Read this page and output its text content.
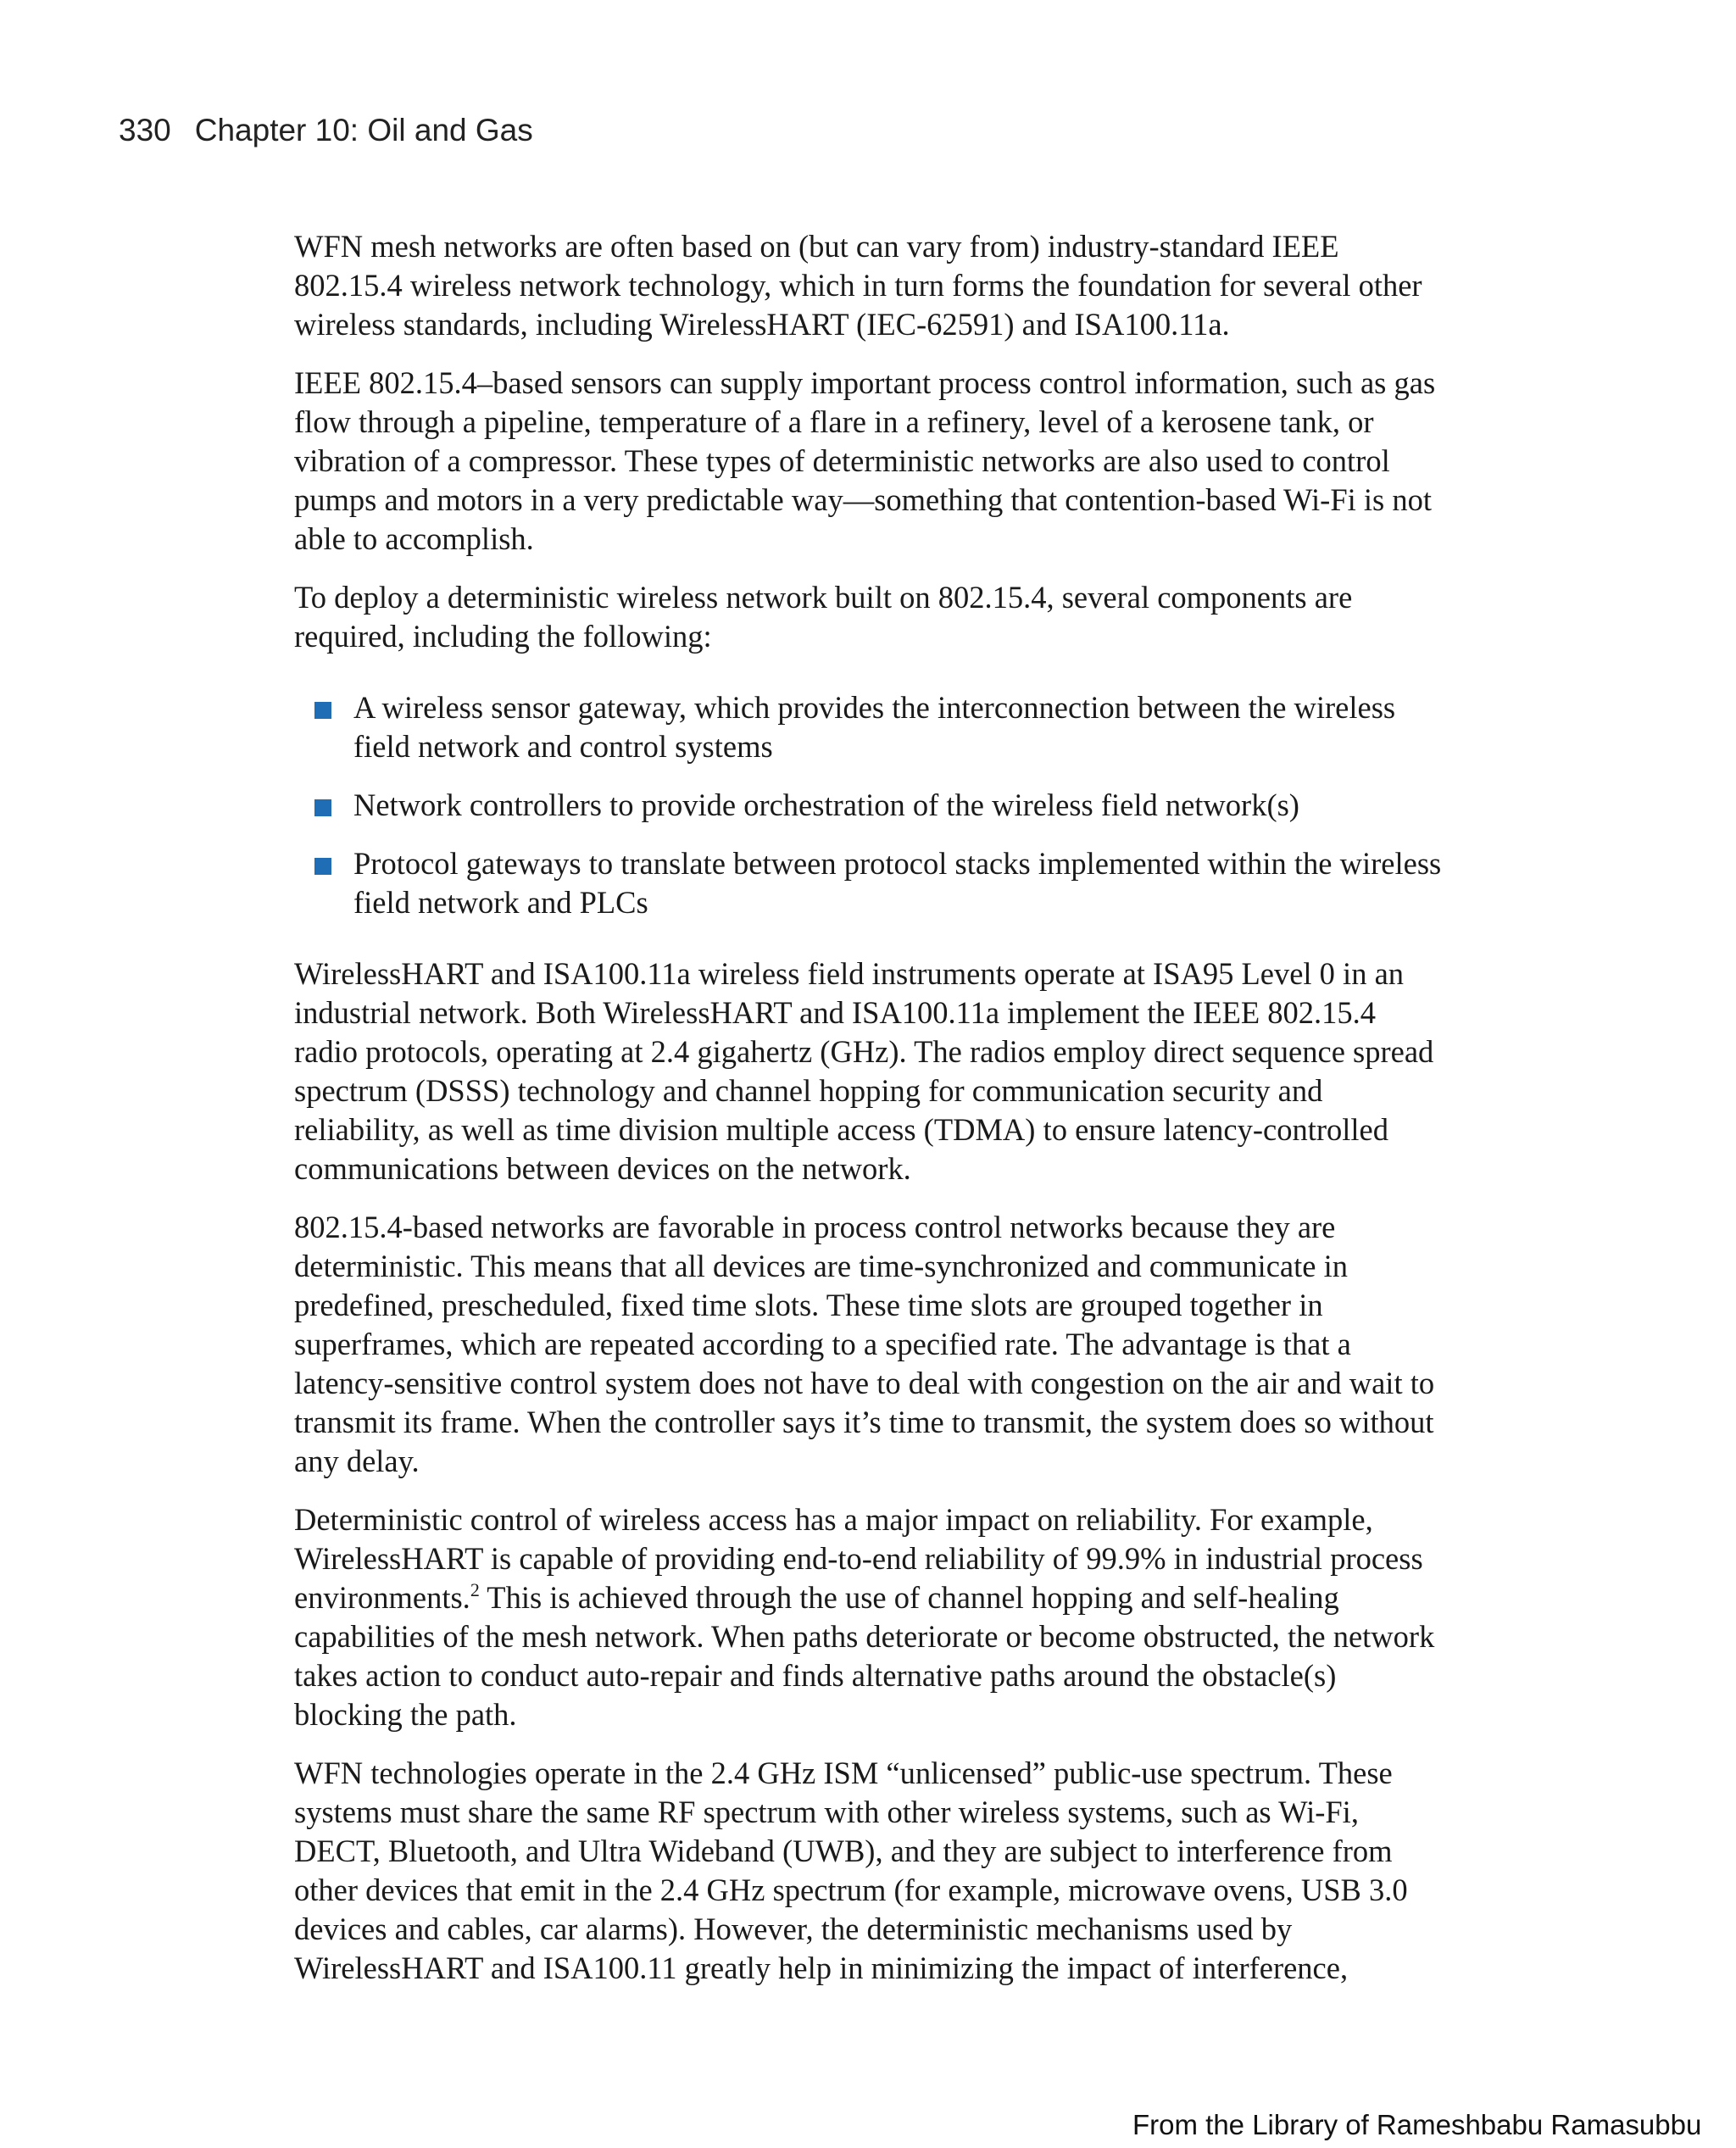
330 Chapter 10: Oil and Gas

WFN mesh networks are often based on (but can vary from) industry-standard IEEE 802.15.4 wireless network technology, which in turn forms the foundation for several other wireless standards, including WirelessHART (IEC-62591) and ISA100.11a.

IEEE 802.15.4–based sensors can supply important process control information, such as gas flow through a pipeline, temperature of a flare in a refinery, level of a kerosene tank, or vibration of a compressor. These types of deterministic networks are also used to control pumps and motors in a very predictable way—something that contention-based Wi-Fi is not able to accomplish.

To deploy a deterministic wireless network built on 802.15.4, several components are required, including the following:

A wireless sensor gateway, which provides the interconnection between the wireless field network and control systems
Network controllers to provide orchestration of the wireless field network(s)
Protocol gateways to translate between protocol stacks implemented within the wireless field network and PLCs

WirelessHART and ISA100.11a wireless field instruments operate at ISA95 Level 0 in an industrial network. Both WirelessHART and ISA100.11a implement the IEEE 802.15.4 radio protocols, operating at 2.4 gigahertz (GHz). The radios employ direct sequence spread spectrum (DSSS) technology and channel hopping for communication security and reliability, as well as time division multiple access (TDMA) to ensure latency-controlled communications between devices on the network.

802.15.4-based networks are favorable in process control networks because they are deterministic. This means that all devices are time-synchronized and communicate in predefined, prescheduled, fixed time slots. These time slots are grouped together in superframes, which are repeated according to a specified rate. The advantage is that a latency-sensitive control system does not have to deal with congestion on the air and wait to transmit its frame. When the controller says it’s time to transmit, the system does so without any delay.

Deterministic control of wireless access has a major impact on reliability. For example, WirelessHART is capable of providing end-to-end reliability of 99.9% in industrial process environments.$^2$ This is achieved through the use of channel hopping and self-healing capabilities of the mesh network. When paths deteriorate or become obstructed, the network takes action to conduct auto-repair and finds alternative paths around the obstacle(s) blocking the path.

WFN technologies operate in the 2.4 GHz ISM “unlicensed” public-use spectrum. These systems must share the same RF spectrum with other wireless systems, such as Wi-Fi, DECT, Bluetooth, and Ultra Wideband (UWB), and they are subject to interference from other devices that emit in the 2.4 GHz spectrum (for example, microwave ovens, USB 3.0 devices and cables, car alarms). However, the deterministic mechanisms used by WirelessHART and ISA100.11 greatly help in minimizing the impact of interference,

From the Library of Rameshbabu Ramasubbu
